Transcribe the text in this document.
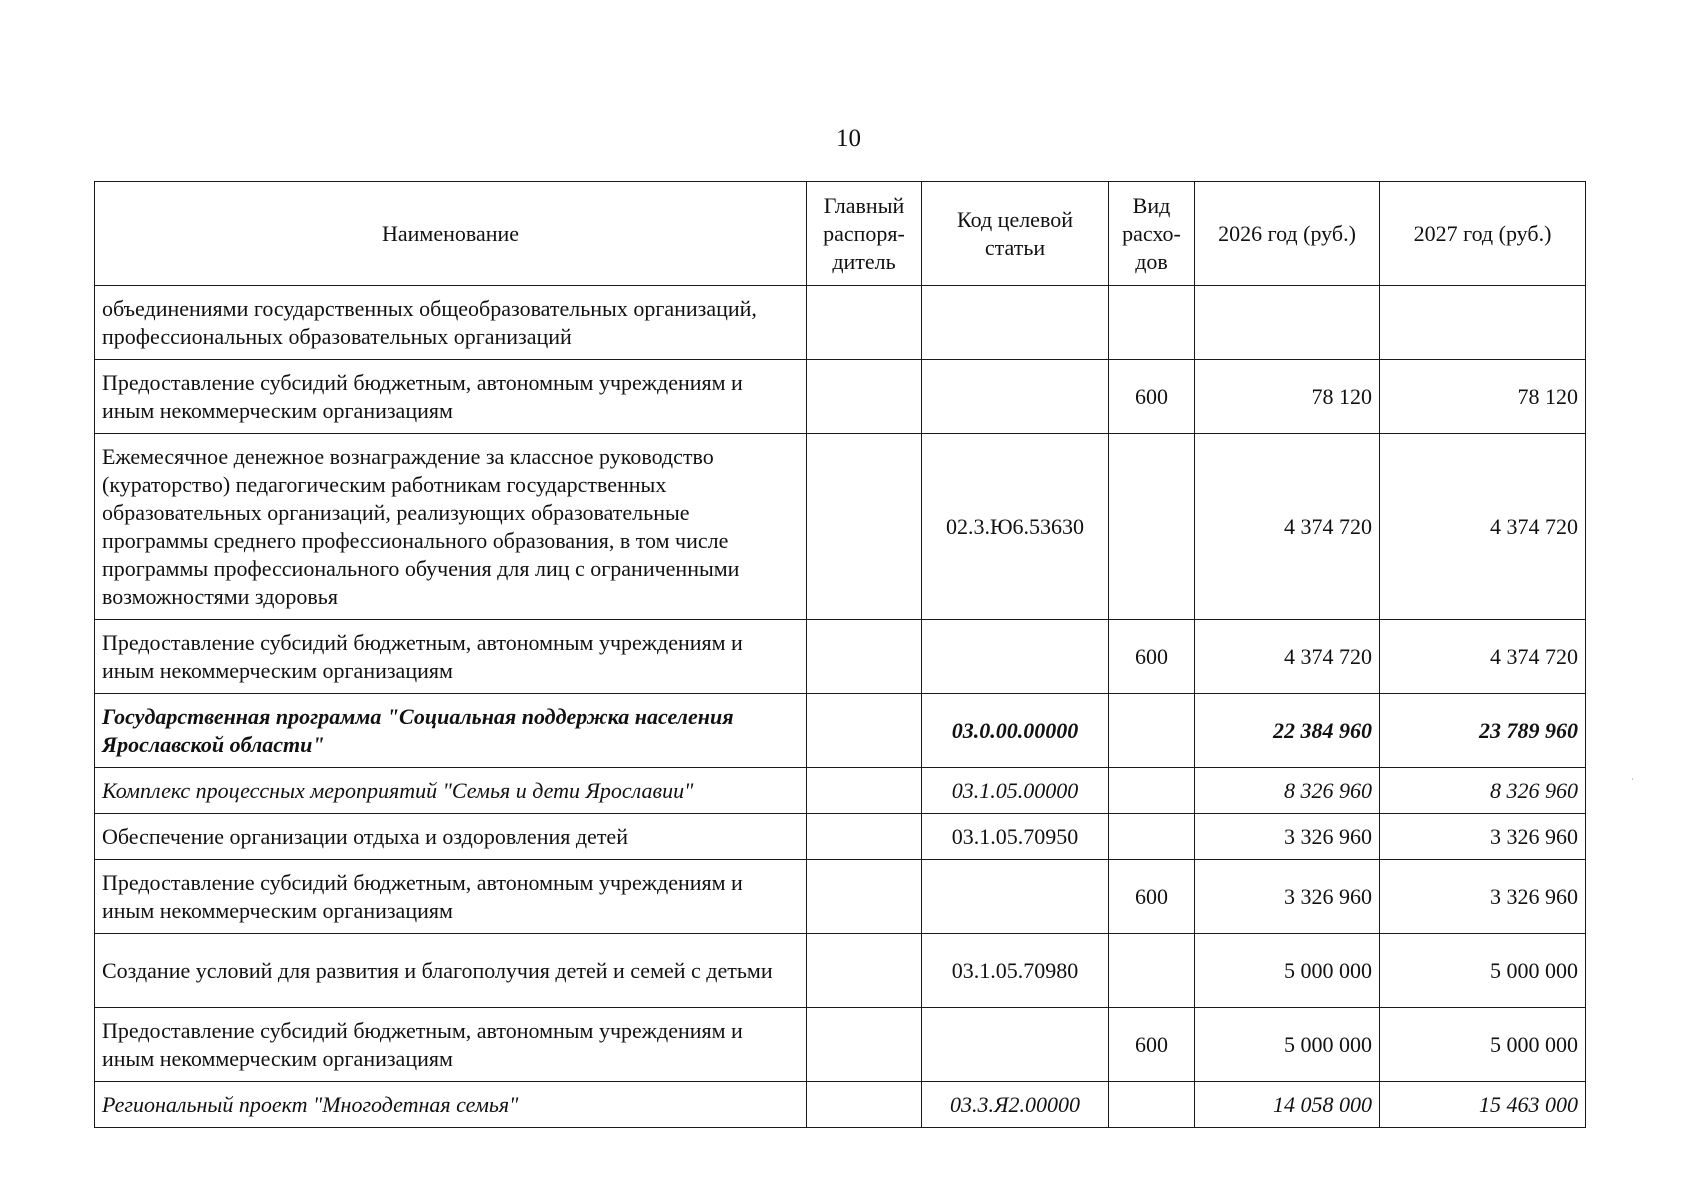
10
Наименование	Главный распоря-дитель	Код целевой статьи	Вид расхо-дов	2026 год (руб.)	2027 год (руб.)
объединениями государственных общеобразовательных организаций, профессиональных образовательных организаций					
Предоставление субсидий бюджетным, автономным учреждениям и иным некоммерческим организациям			600	78 120	78 120
Ежемесячное денежное вознаграждение за классное руководство (кураторство) педагогическим работникам государственных образовательных организаций, реализующих образовательные программы среднего профессионального образования, в том числе программы профессионального обучения для лиц с ограниченными возможностями здоровья		02.3.Ю6.53630		4 374 720	4 374 720
Предоставление субсидий бюджетным, автономным учреждениям и иным некоммерческим организациям			600	4 374 720	4 374 720
Государственная программа "Социальная поддержка населения Ярославской области"		03.0.00.00000		22 384 960	23 789 960
Комплекс процессных мероприятий "Семья и дети Ярославии"		03.1.05.00000		8 326 960	8 326 960
Обеспечение организации отдыха и оздоровления детей		03.1.05.70950		3 326 960	3 326 960
Предоставление субсидий бюджетным, автономным учреждениям и иным некоммерческим организациям			600	3 326 960	3 326 960
Создание условий для развития и благополучия детей и семей с детьми		03.1.05.70980		5 000 000	5 000 000
Предоставление субсидий бюджетным, автономным учреждениям и иным некоммерческим организациям			600	5 000 000	5 000 000
Региональный проект "Многодетная семья"		03.3.Я2.00000		14 058 000	15 463 000
